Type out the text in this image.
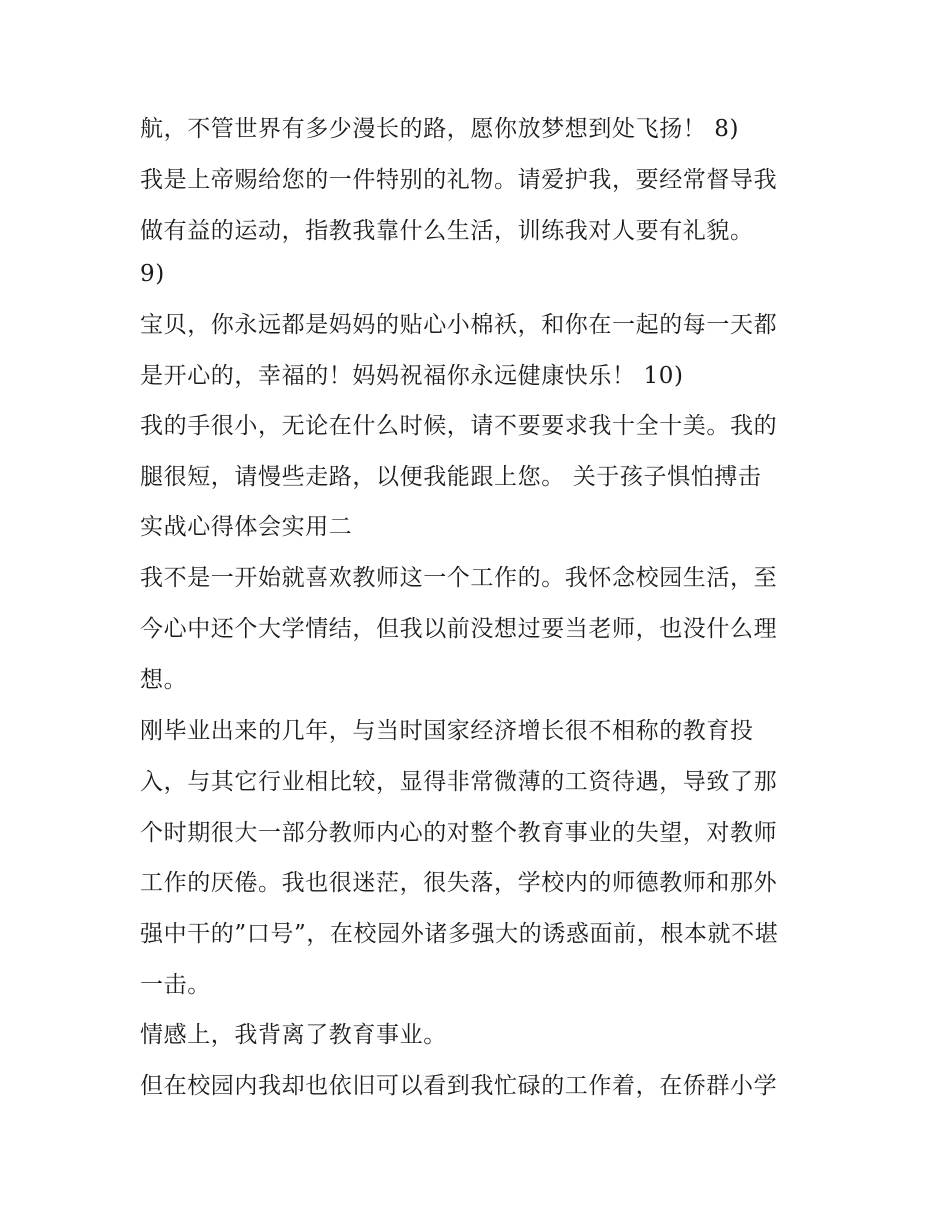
航，不管世界有多少漫长的路，愿你放梦想到处飞扬！ 8)
我是上帝赐给您的一件特别的礼物。请爱护我，要经常督导我
做有益的运动，指教我靠什么生活，训练我对人要有礼貌。
9)
宝贝，你永远都是妈妈的贴心小棉袄，和你在一起的每一天都
是开心的，幸福的！妈妈祝福你永远健康快乐！ 10)
我的手很小，无论在什么时候，请不要要求我十全十美。我的
腿很短，请慢些走路，以便我能跟上您。 关于孩子惧怕搏击
实战心得体会实用二
我不是一开始就喜欢教师这一个工作的。我怀念校园生活，至
今心中还个大学情结，但我以前没想过要当老师，也没什么理
想。
刚毕业出来的几年，与当时国家经济增长很不相称的教育投
入，与其它行业相比较，显得非常微薄的工资待遇，导致了那
个时期很大一部分教师内心的对整个教育事业的失望，对教师
工作的厌倦。我也很迷茫，很失落，学校内的师德教师和那外
强中干的”口号”，在校园外诸多强大的诱惑面前，根本就不堪
一击。
情感上，我背离了教育事业。
但在校园内我却也依旧可以看到我忙碌的工作着，在侨群小学
